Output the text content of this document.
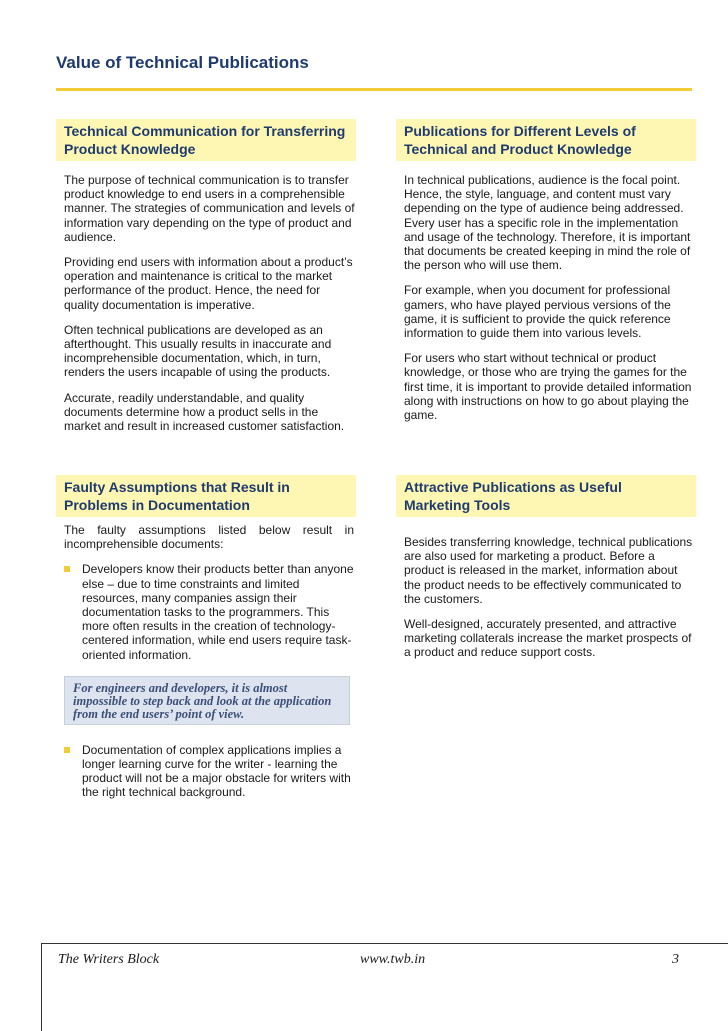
Value of Technical Publications
Technical Communication for Transferring Product Knowledge

The purpose of technical communication is to transfer product knowledge to end users in a comprehensible manner. The strategies of communication and levels of information vary depending on the type of product and audience.

Providing end users with information about a product’s operation and maintenance is critical to the market performance of the product. Hence, the need for quality documentation is imperative.

Often technical publications are developed as an afterthought. This usually results in inaccurate and incomprehensible documentation, which, in turn, renders the users incapable of using the products.

Accurate, readily understandable, and quality documents determine how a product sells in the market and result in increased customer satisfaction.

Faulty Assumptions that Result in Problems in Documentation

The faulty assumptions listed below result in incomprehensible documents:

Developers know their products better than anyone else – due to time constraints and limited resources, many companies assign their documentation tasks to the programmers. This more often results in the creation of technology-centered information, while end users require task-oriented information.
For engineers and developers, it is almost impossible to step back and look at the application from the end users’ point of view.
Documentation of complex applications implies a longer learning curve for the writer - learning the product will not be a major obstacle for writers with the right technical background.
Publications for Different Levels of Technical and Product Knowledge

In technical publications, audience is the focal point. Hence, the style, language, and content must vary depending on the type of audience being addressed. Every user has a specific role in the implementation and usage of the technology. Therefore, it is important that documents be created keeping in mind the role of the person who will use them.

For example, when you document for professional gamers, who have played pervious versions of the game, it is sufficient to provide the quick reference information to guide them into various levels.

For users who start without technical or product knowledge, or those who are trying the games for the first time, it is important to provide detailed information along with instructions on how to go about playing the game.

Attractive Publications as Useful Marketing Tools

Besides transferring knowledge, technical publications are also used for marketing a product. Before a product is released in the market, information about the product needs to be effectively communicated to the customers.

Well-designed, accurately presented, and attractive marketing collaterals increase the market prospects of a product and reduce support costs.

The Writers Block	www.twb.in	3
